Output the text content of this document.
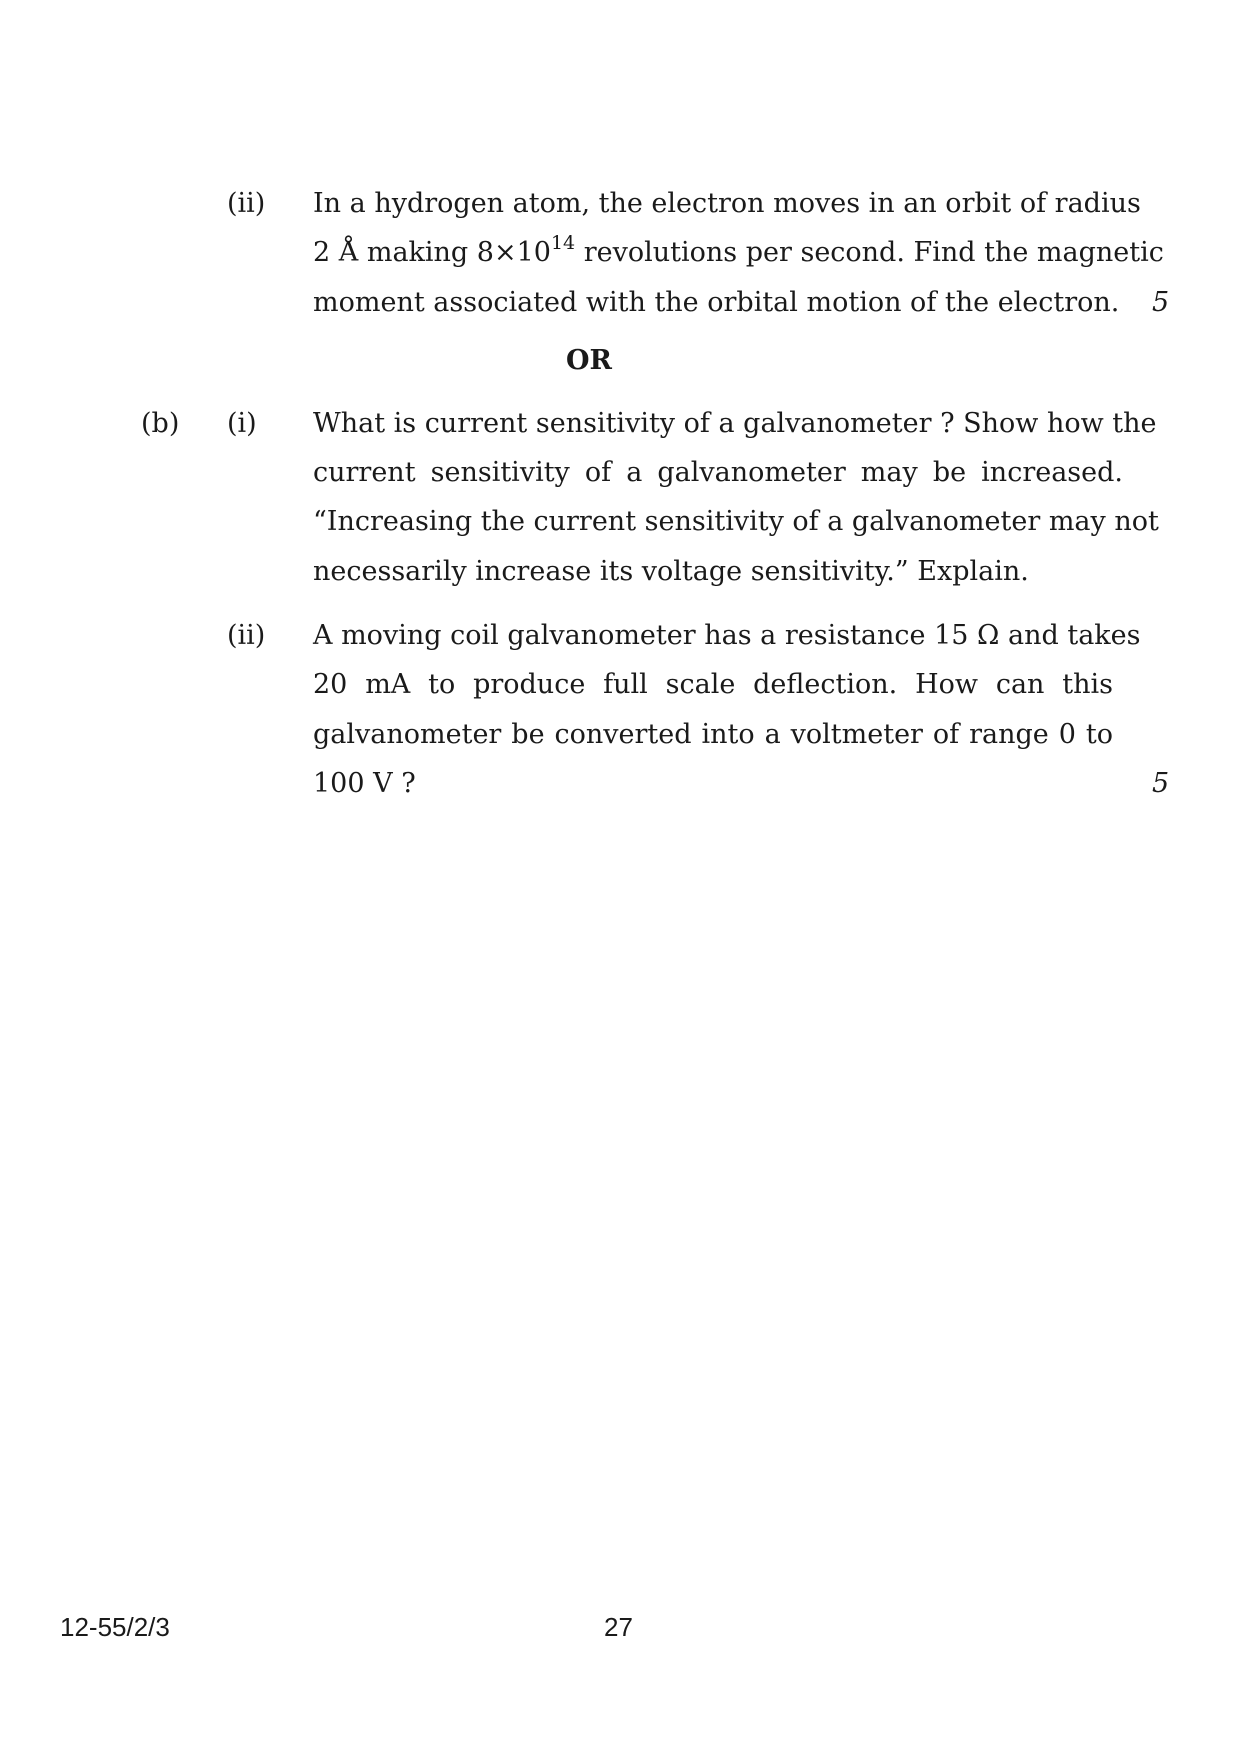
(ii) In a hydrogen atom, the electron moves in an orbit of radius
2 Å making $8\times 10^{14}$ revolutions per second. Find the magnetic
moment associated with the orbital motion of the electron. 5
OR
(b) (i) What is current sensitivity of a galvanometer ? Show how the
current sensitivity of a galvanometer may be increased.
“Increasing the current sensitivity of a galvanometer may not
necessarily increase its voltage sensitivity.” Explain.
(ii) A moving coil galvanometer has a resistance 15 Ω and takes
20 mA to produce full scale deflection. How can this
galvanometer be converted into a voltmeter of range 0 to
100 V ?	5
12-55/2/3	27
